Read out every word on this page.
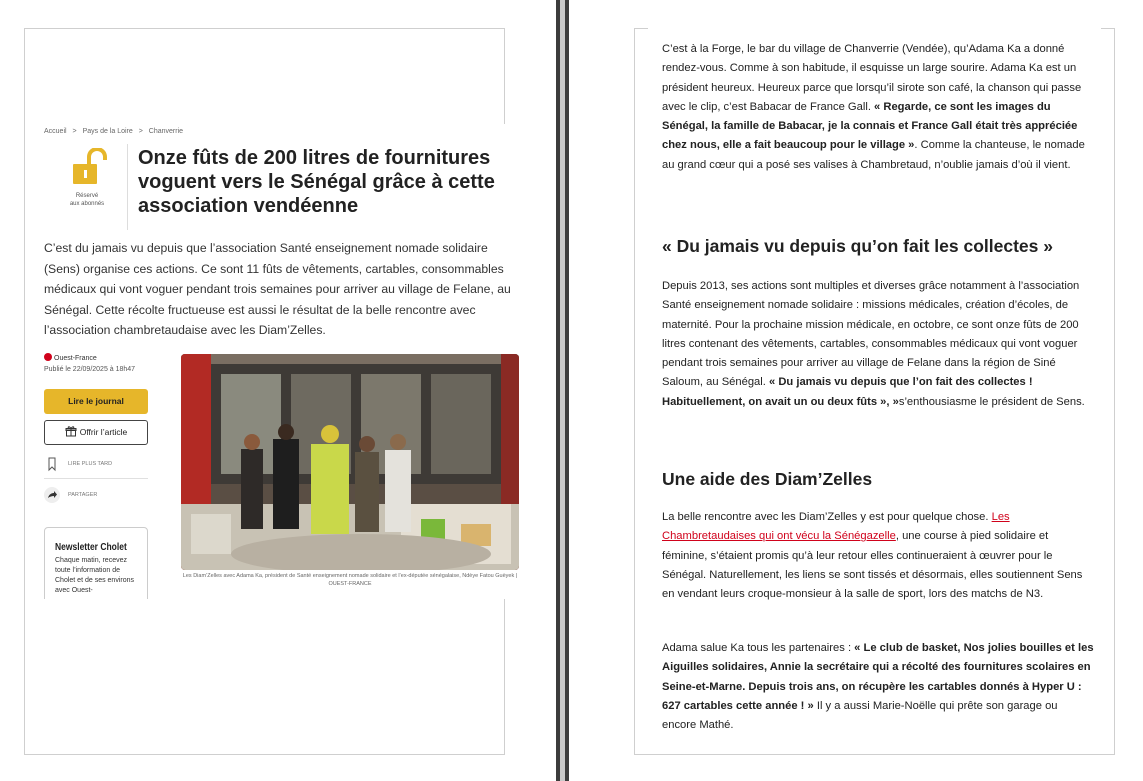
Accueil > Pays de la Loire > Chanverrie
Réservé
aux abonnés
Onze fûts de 200 litres de fournitures voguent vers le Sénégal grâce à cette association vendéenne

C’est du jamais vu depuis que l’association Santé enseignement nomade solidaire (Sens) organise ces actions. Ce sont 11 fûts de vêtements, cartables, consommables médicaux qui vont voguer pendant trois semaines pour arriver au village de Felane, au Sénégal. Cette récolte fructueuse est aussi le résultat de la belle rencontre avec l’association chambretaudaise avec les Diam’Zelles.

Ouest-France
Publié le 22/09/2025 à 18h47
Lire le journal
Offrir l’article
LIRE PLUS TARD
PARTAGER
Newsletter Cholet

Chaque matin, recevez toute l’information de Cholet et de ses environs avec Ouest-

Les Diam’Zelles avec Adama Ka, président de Santé enseignement nomade solidaire et l’ex-députée sénégalaise, Ndèye Fatou Guèyek | OUEST-FRANCE

C’est à la Forge, le bar du village de Chanverrie (Vendée), qu’Adama Ka a donné rendez-vous. Comme à son habitude, il esquisse un large sourire. Adama Ka est un président heureux. Heureux parce que lorsqu’il sirote son café, la chanson qui passe avec le clip, c’est Babacar de France Gall. « Regarde, ce sont les images du Sénégal, la famille de Babacar, je la connais et France Gall était très appréciée chez nous, elle a fait beaucoup pour le village ». Comme la chanteuse, le nomade au grand cœur qui a posé ses valises à Chambretaud, n’oublie jamais d’où il vient.

« Du jamais vu depuis qu’on fait les collectes »

Depuis 2013, ses actions sont multiples et diverses grâce notamment à l’association Santé enseignement nomade solidaire : missions médicales, création d’écoles, de maternité. Pour la prochaine mission médicale, en octobre, ce sont onze fûts de 200 litres contenant des vêtements, cartables, consommables médicaux qui vont voguer pendant trois semaines pour arriver au village de Felane dans la région de Siné Saloum, au Sénégal. « Du jamais vu depuis que l’on fait des collectes ! Habituellement, on avait un ou deux fûts », »s’enthousiasme le président de Sens.

Une aide des Diam’Zelles

La belle rencontre avec les Diam’Zelles y est pour quelque chose. Les Chambretaudaises qui ont vécu la Sénégazelle, une course à pied solidaire et féminine, s’étaient promis qu’à leur retour elles continueraient à œuvrer pour le Sénégal. Naturellement, les liens se sont tissés et désormais, elles soutiennent Sens en vendant leurs croque-monsieur à la salle de sport, lors des matchs de N3.

Adama salue Ka tous les partenaires : « Le club de basket, Nos jolies bouilles et les Aiguilles solidaires, Annie la secrétaire qui a récolté des fournitures scolaires en Seine-et-Marne. Depuis trois ans, on récupère les cartables donnés à Hyper U : 627 cartables cette année ! » Il y a aussi Marie-Noëlle qui prête son garage ou encore Mathé.
